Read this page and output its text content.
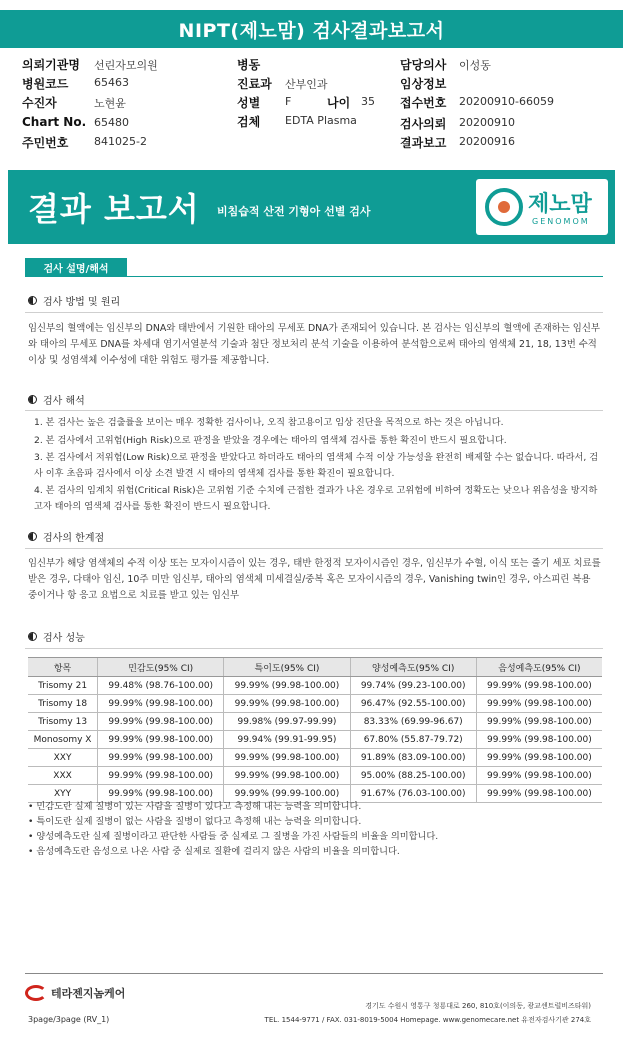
NIPT(제노맘) 검사결과보고서
의뢰기관명 선린자모의원
병원코드 65463
수진자	노현윤
Chart No. 65480
주민번호 841025-2
병동
진료과 산부인과
성별 F	나이 35
검체 EDTA Plasma
담당의사 이성동
임상정보
접수번호 20200910-66059
검사의뢰 20200910
결과보고 20200916
결과 보고서 비침습적 산전 기형아 선별 검사	제노맘
GENOMOM
검사 설명/해석
검사 방법 및 원리
임신부의 혈액에는 임신부의 DNA와 태반에서 기원한 태아의 무세포 DNA가 존재되어 있습니다. 본 검사는 임신부의 혈액에 존재하는 임신부와 태아의 무세포 DNA를 차세대 염기서열분석 기술과 첨단 정보처리 분석 기술을 이용하여 분석함으로써 태아의 염색체 21, 18, 13번 수적 이상 및 성염색체 이수성에 대한 위험도 평가를 제공합니다.
검사 해석
1. 본 검사는 높은 검출률을 보이는 매우 정확한 검사이나, 오직 참고용이고 임상 진단을 목적으로 하는 것은 아닙니다.
2. 본 검사에서 고위험(High Risk)으로 판정을 받았을 경우에는 태아의 염색체 검사를 통한 확진이 반드시 필요합니다.
3. 본 검사에서 저위험(Low Risk)으로 판정을 받았다고 하더라도 태아의 염색체 수적 이상 가능성을 완전히 배제할 수는 없습니다. 따라서, 검사 이후 초음파 검사에서 이상 소견 발견 시 태아의 염색체 검사를 통한 확진이 필요합니다.
4. 본 검사의 임계치 위험(Critical Risk)은 고위험 기준 수치에 근접한 결과가 나온 경우로 고위험에 비하여 정확도는 낮으나 위음성을 방지하고자 태아의 염색체 검사를 통한 확진이 반드시 필요합니다.
검사의 한계점
임신부가 해당 염색체의 수적 이상 또는 모자이시즘이 있는 경우, 태반 한정적 모자이시즘인 경우, 임신부가 수혈, 이식 또는 줄기 세포 치료를 받은 경우, 다태아 임신, 10주 미만 임신부, 태아의 염색체 미세결실/중복 혹은 모자이시즘의 경우, Vanishing twin인 경우, 아스피린 복용 중이거나 항 응고 요법으로 치료를 받고 있는 임신부
검사 성능
항목	민감도(95% CI)	특이도(95% CI)	양성예측도(95% CI)	음성예측도(95% CI)
Trisomy 21	99.48% (98.76-100.00)	99.99% (99.98-100.00)	99.74% (99.23-100.00)	99.99% (99.98-100.00)
Trisomy 18	99.99% (99.98-100.00)	99.99% (99.98-100.00)	96.47% (92.55-100.00)	99.99% (99.98-100.00)
Trisomy 13	99.99% (99.98-100.00)	99.98% (99.97-99.99)	83.33% (69.99-96.67)	99.99% (99.98-100.00)
Monosomy X	99.99% (99.98-100.00)	99.94% (99.91-99.95)	67.80% (55.87-79.72)	99.99% (99.98-100.00)
XXY	99.99% (99.98-100.00)	99.99% (99.98-100.00)	91.89% (83.09-100.00)	99.99% (99.98-100.00)
XXX	99.99% (99.98-100.00)	99.99% (99.98-100.00)	95.00% (88.25-100.00)	99.99% (99.98-100.00)
XYY	99.99% (99.98-100.00)	99.99% (99.99-100.00)	91.67% (76.03-100.00)	99.99% (99.98-100.00)
• 민감도란 실제 질병이 있는 사람을 질병이 있다고 측정해 내는 능력을 의미합니다.
• 특이도란 실제 질병이 없는 사람을 질병이 없다고 측정해 내는 능력을 의미합니다.
• 양성예측도란 실제 질병이라고 판단한 사람들 중 실제로 그 질병을 가진 사람들의 비율을 의미합니다.
• 음성예측도란 음성으로 나온 사람 중 실제로 질환에 걸리지 않은 사람의 비율을 의미합니다.
테라젠지놈케어
경기도 수원시 영통구 청룡대로 260, 810호(이의동, 광교센트럴비즈타워)
TEL. 1544-9771 / FAX. 031-8019-5004 Homepage. www.genomecare.net 유전자검사기관 274호
3page/3page (RV_1)
